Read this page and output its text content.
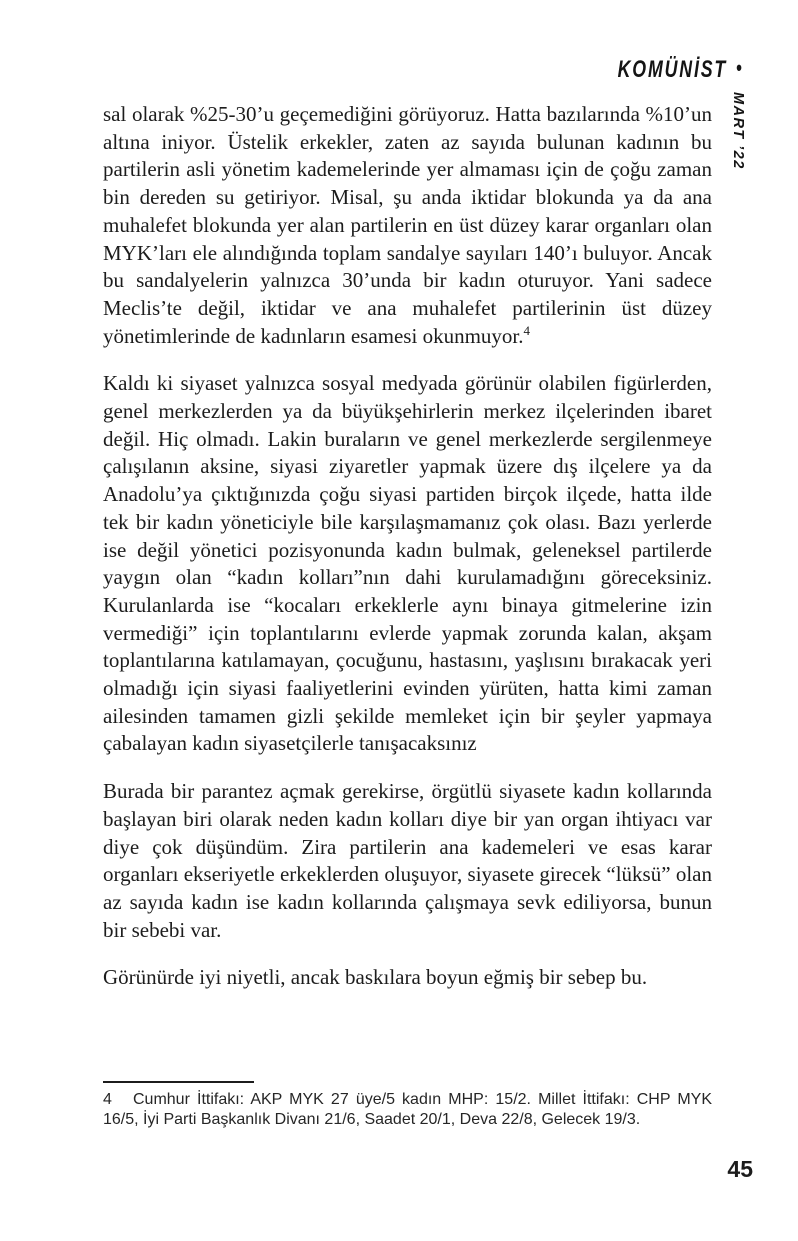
KOMÜNİST •
MART ’22

sal olarak %25-30’u geçemediğini görüyoruz. Hatta bazılarında %10’un altına iniyor. Üstelik erkekler, zaten az sayıda bulunan kadının bu partilerin asli yönetim kademelerinde yer almaması için de çoğu zaman bin dereden su getiriyor. Misal, şu anda iktidar blokunda ya da ana muhalefet blokunda yer alan partilerin en üst düzey karar organları olan MYK’ları ele alındığında toplam sandalye sayıları 140’ı buluyor. Ancak bu sandalyelerin yalnızca 30’unda bir kadın oturuyor. Yani sadece Meclis’te değil, iktidar ve ana muhalefet partilerinin üst düzey yönetimlerinde de kadınların esamesi okunmuyor.$^4$

Kaldı ki siyaset yalnızca sosyal medyada görünür olabilen figürlerden, genel merkezlerden ya da büyükşehirlerin merkez ilçelerinden ibaret değil. Hiç olmadı. Lakin buraların ve genel merkezlerde sergilenmeye çalışılanın aksine, siyasi ziyaretler yapmak üzere dış ilçelere ya da Anadolu’ya çıktığınızda çoğu siyasi partiden birçok ilçede, hatta ilde tek bir kadın yöneticiyle bile karşılaşmamanız çok olası. Bazı yerlerde ise değil yönetici pozisyonunda kadın bulmak, geleneksel partilerde yaygın olan “kadın kolları”nın dahi kurulamadığını göreceksiniz. Kurulanlarda ise “kocaları erkeklerle aynı binaya gitmelerine izin vermediği” için toplantılarını evlerde yapmak zorunda kalan, akşam toplantılarına katılamayan, çocuğunu, hastasını, yaşlısını bırakacak yeri olmadığı için siyasi faaliyetlerini evinden yürüten, hatta kimi zaman ailesinden tamamen gizli şekilde memleket için bir şeyler yapmaya çabalayan kadın siyasetçilerle tanışacaksınız

Burada bir parantez açmak gerekirse, örgütlü siyasete kadın kollarında başlayan biri olarak neden kadın kolları diye bir yan organ ihtiyacı var diye çok düşündüm. Zira partilerin ana kademeleri ve esas karar organları ekseriyetle erkeklerden oluşuyor, siyasete girecek “lüksü” olan az sayıda kadın ise kadın kollarında çalışmaya sevk ediliyorsa, bunun bir sebebi var.

Görünürde iyi niyetli, ancak baskılara boyun eğmiş bir sebep bu.

4 Cumhur İttifakı: AKP MYK 27 üye/5 kadın MHP: 15/2. Millet İttifakı: CHP MYK 16/5, İyi Parti Başkanlık Divanı 21/6, Saadet 20/1, Deva 22/8, Gelecek 19/3.

45
